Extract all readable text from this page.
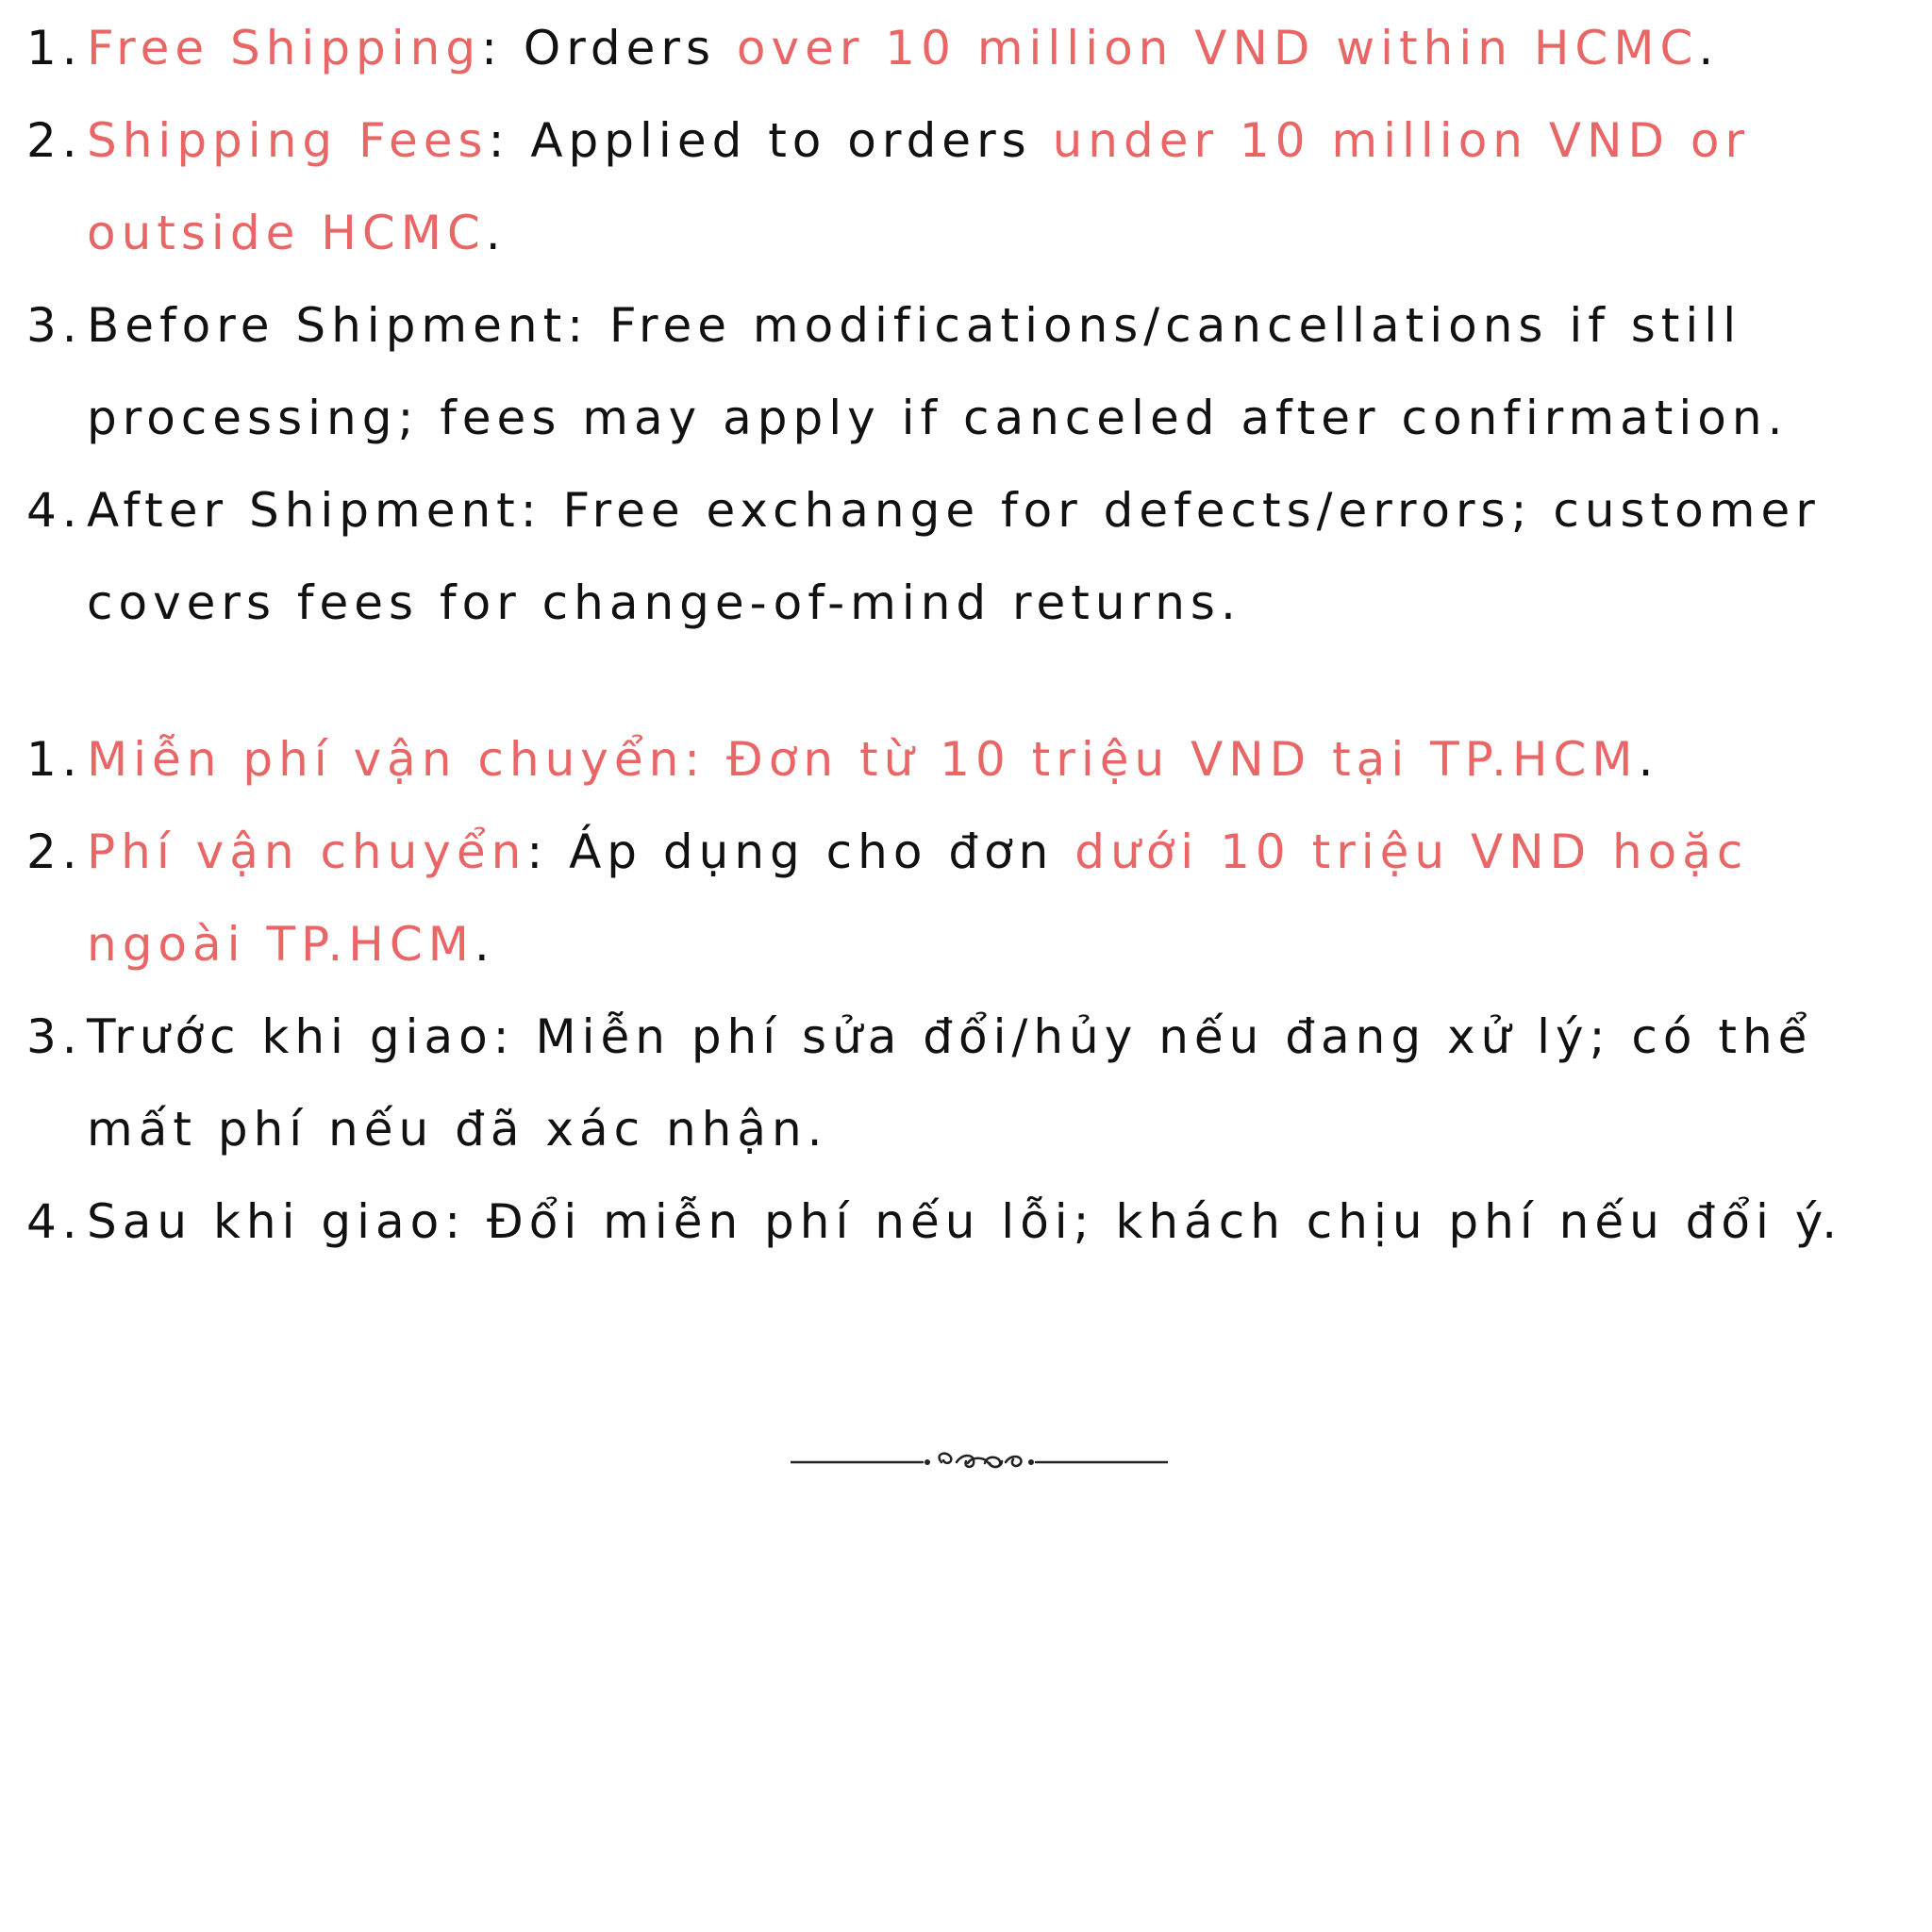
1. Free Shipping: Orders over 10 million VND within HCMC.
2. Shipping Fees: Applied to orders under 10 million VND or outside HCMC.
3. Before Shipment: Free modifications/cancellations if still processing; fees may apply if canceled after confirmation.
4. After Shipment: Free exchange for defects/errors; customer covers fees for change-of-mind returns.
1. Miễn phí vận chuyển: Đơn từ 10 triệu VND tại TP.HCM.
2. Phí vận chuyển: Áp dụng cho đơn dưới 10 triệu VND hoặc ngoài TP.HCM.
3. Trước khi giao: Miễn phí sửa đổi/hủy nếu đang xử lý; có thể mất phí nếu đã xác nhận.
4. Sau khi giao: Đổi miễn phí nếu lỗi; khách chịu phí nếu đổi ý.
